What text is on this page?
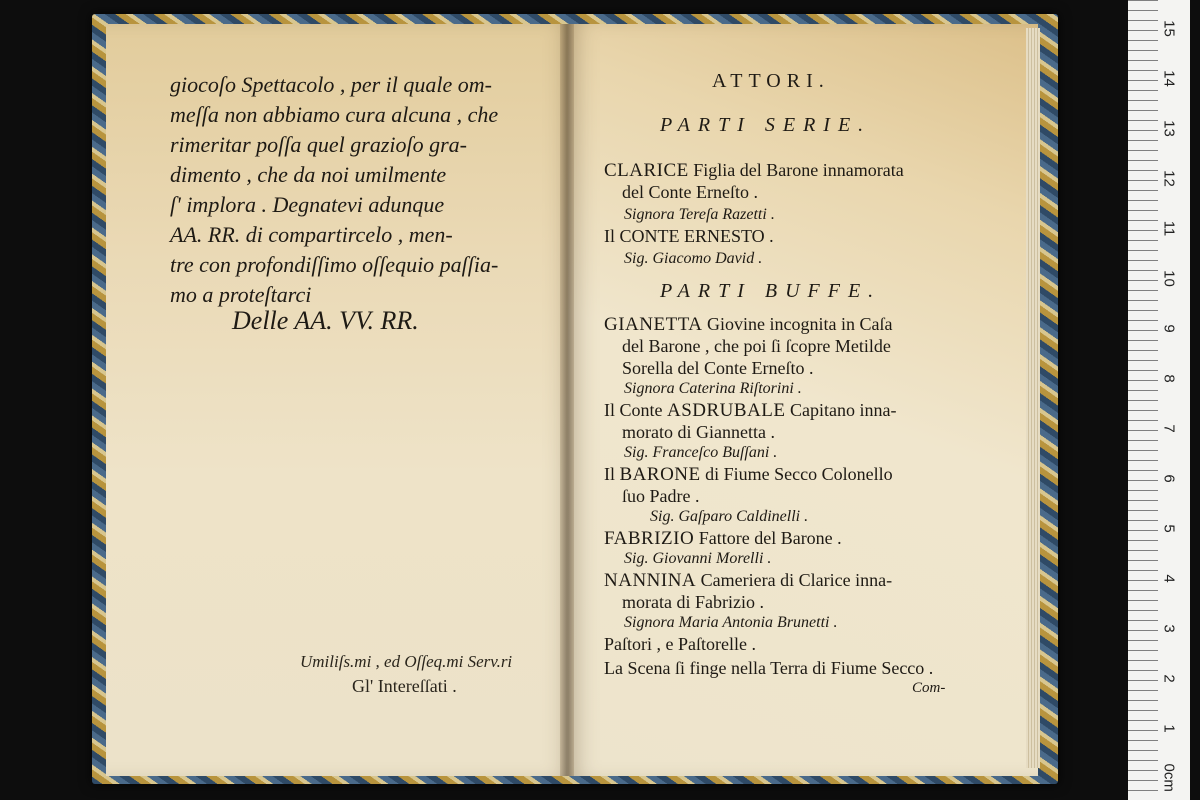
giocoſo Spettacolo , per il quale om-
meſſa non abbiamo cura alcuna , che
rimeritar poſſa quel grazioſo gra-
dimento , che da noi umilmente
ſ' implora . Degnatevi adunque
AA. RR. di compartircelo , men-
tre con profondiſſimo oſſequio paſſia-
mo a proteſtarci
Delle AA. VV. RR.
Umiliſs.mi , ed Oſſeq.mi Serv.ri
Gl' Intereſſati .
ATTORI.
PARTI SERIE.
CLARICE Figlia del Barone innamorata
del Conte Erneſto .
Signora Tereſa Razetti .
Il CONTE ERNESTO .
Sig. Giacomo David .
PARTI BUFFE.
GIANETTA Giovine incognita in Caſa
del Barone , che poi ſi ſcopre Metilde
Sorella del Conte Erneſto .
Signora Caterina Riſtorini .
Il Conte ASDRUBALE Capitano inna-
morato di Giannetta .
Sig. Franceſco Buſſani .
Il BARONE di Fiume Secco Colonello
ſuo Padre .
Sig. Gaſparo Caldinelli .
FABRIZIO Fattore del Barone .
Sig. Giovanni Morelli .
NANNINA Cameriera di Clarice inna-
morata di Fabrizio .
Signora Maria Antonia Brunetti .
Paſtori , e Paſtorelle .
La Scena ſi finge nella Terra di Fiume Secco .
Com-
15
14
13
12
11
10
9
8
7
6
5
4
3
2
1
0cm
